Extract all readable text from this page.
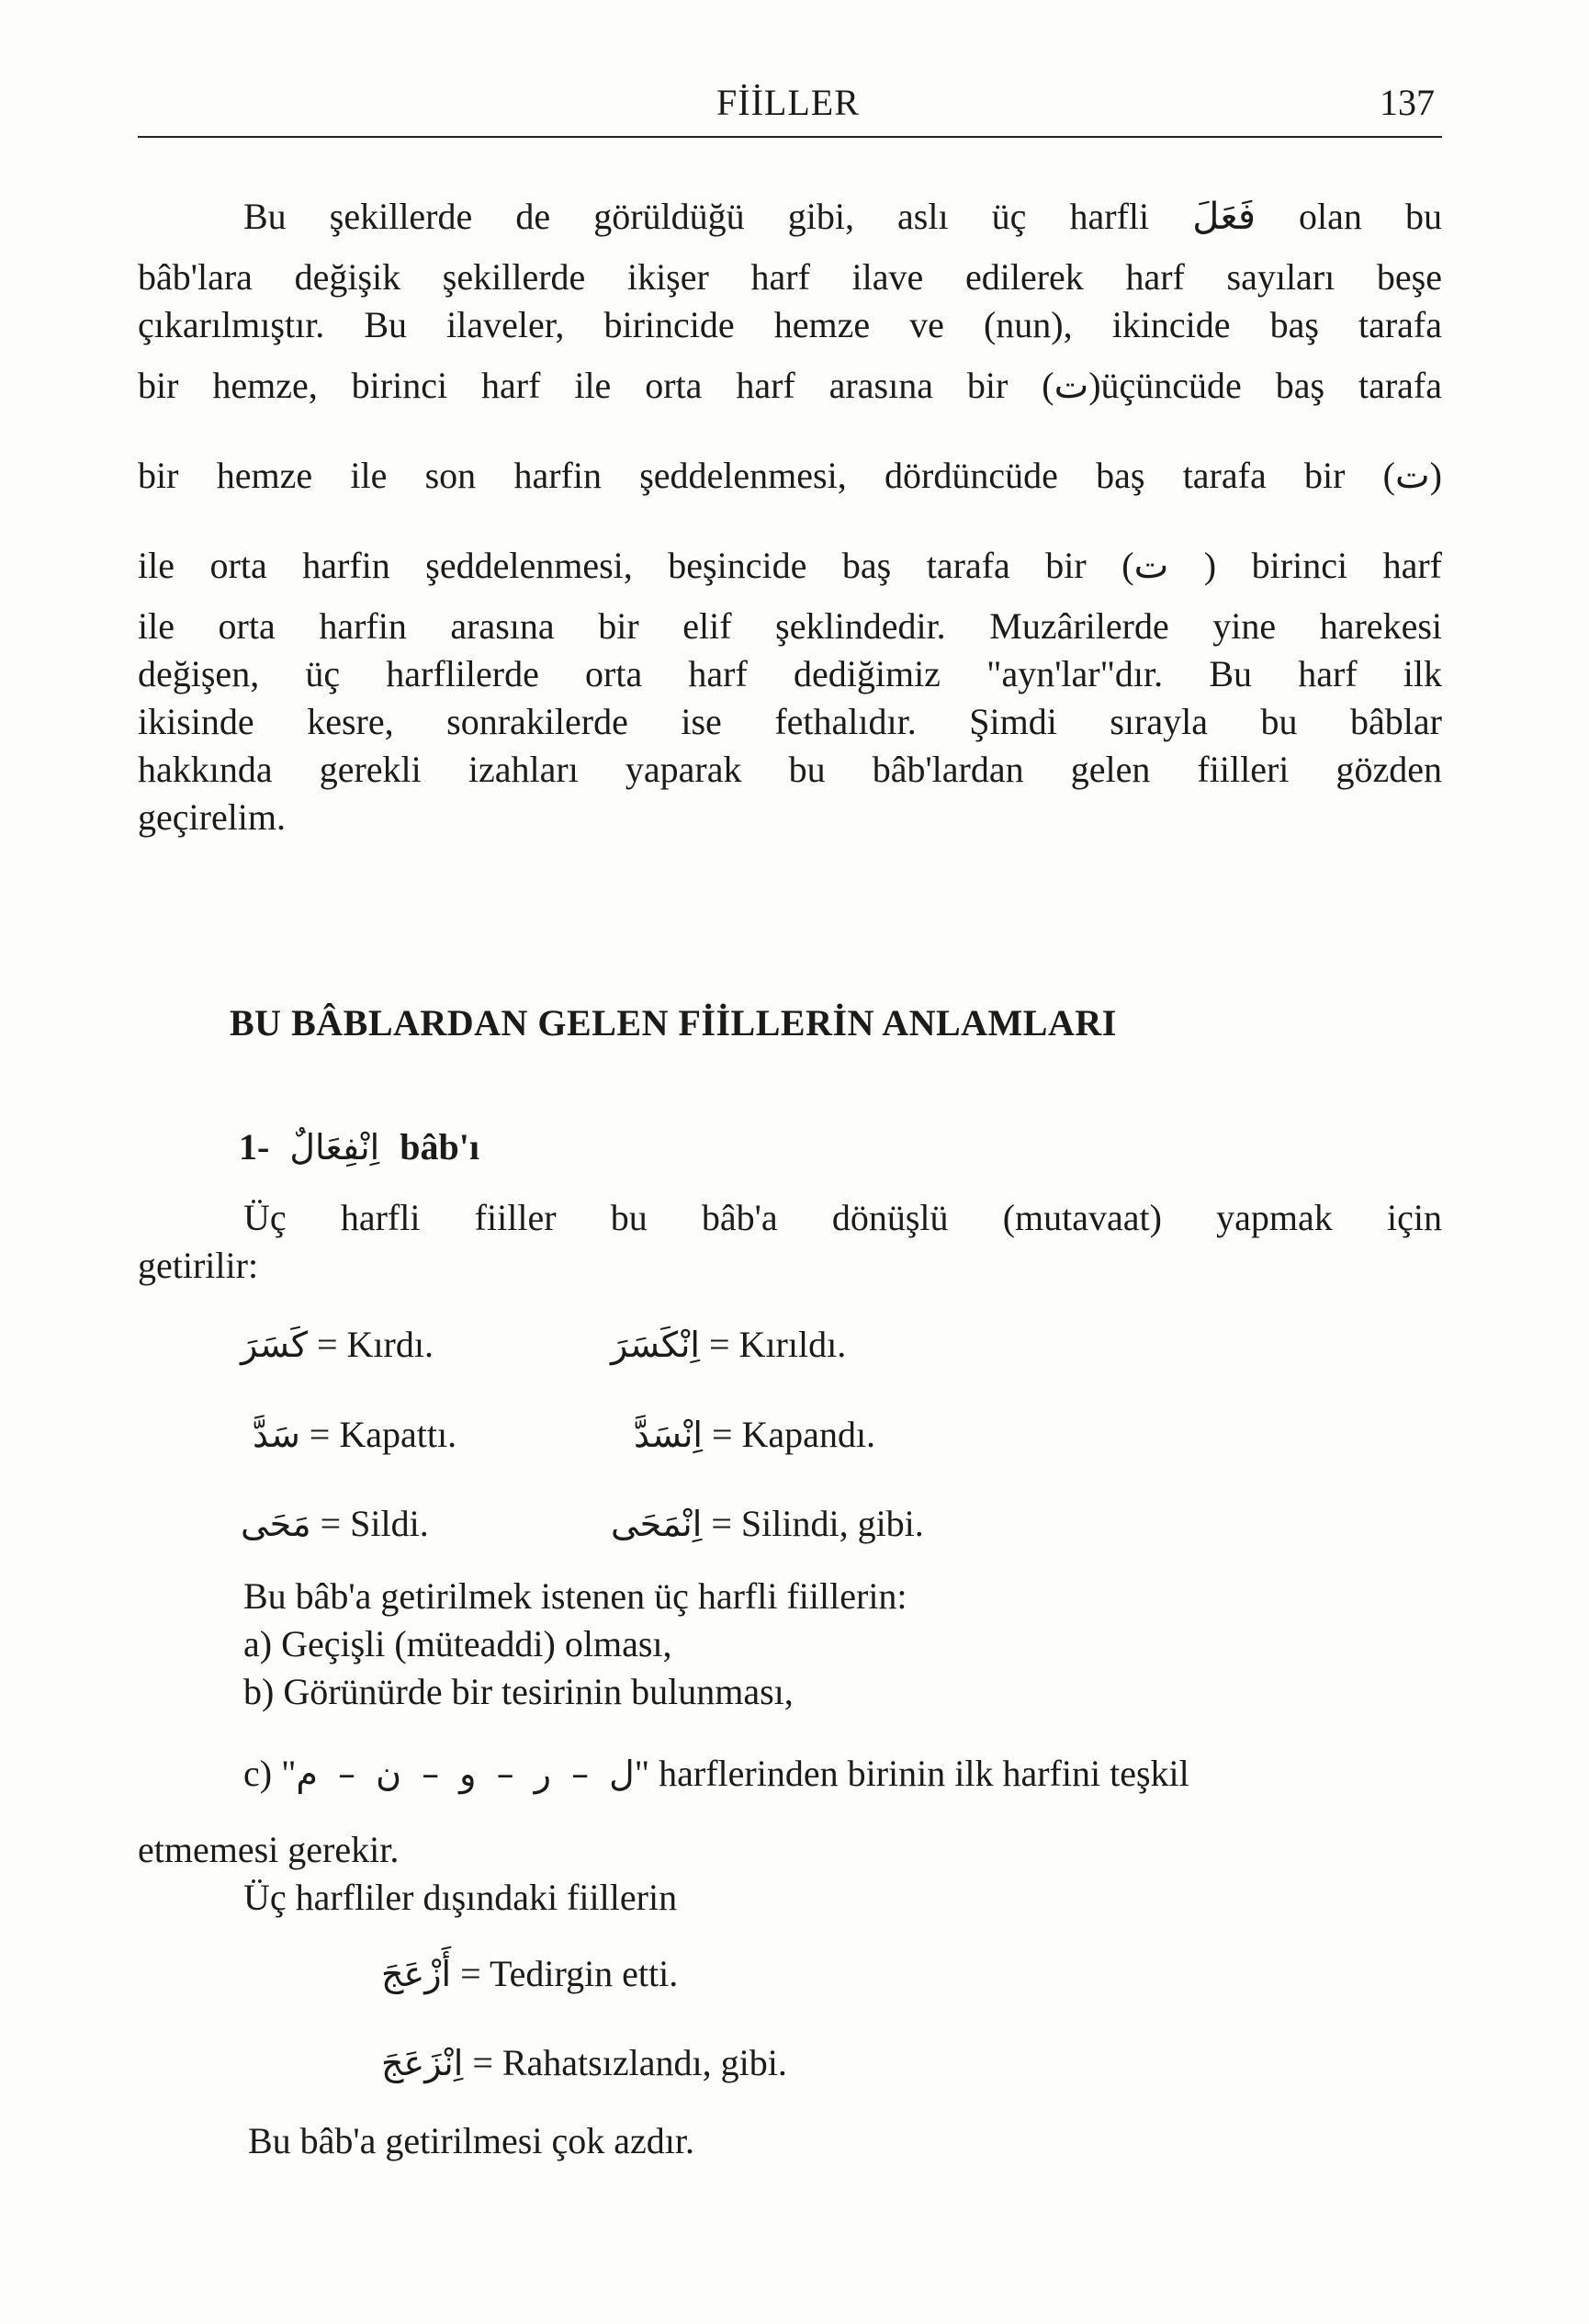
FİİLLER	137
Bu şekillerde de görüldüğü gibi, aslı üç harfli فَعَلَ olan bu
bâb'lara değişik şekillerde ikişer harf ilave edilerek harf sayıları beşe
çıkarılmıştır. Bu ilaveler, birincide hemze ve (nun), ikincide baş tarafa
bir hemze, birinci harf ile orta harf arasına bir (ت)üçüncüde baş tarafa
bir hemze ile son harfin şeddelenmesi, dördüncüde baş tarafa bir (ت)
ile orta harfin şeddelenmesi, beşincide baş tarafa bir (ت ) birinci harf
ile orta harfin arasına bir elif şeklindedir. Muzârilerde yine harekesi
değişen, üç harflilerde orta harf dediğimiz "ayn'lar"dır. Bu harf ilk
ikisinde kesre, sonrakilerde ise fethalıdır. Şimdi sırayla bu bâblar
hakkında gerekli izahları yaparak bu bâb'lardan gelen fiilleri gözden
geçirelim.
BU BÂBLARDAN GELEN FİİLLERİN ANLAMLARI
1- اِنْفِعَالٌ bâb'ı
Üç harfli fiiller bu bâb'a dönüşlü (mutavaat) yapmak için
getirilir:
كَسَرَ = Kırdı.	اِنْكَسَرَ = Kırıldı.
سَدَّ = Kapattı.	اِنْسَدَّ = Kapandı.
مَحَى = Sildi.	اِنْمَحَى = Silindi, gibi.
Bu bâb'a getirilmek istenen üç harfli fiillerin:
a) Geçişli (müteaddi) olması,
b) Görünürde bir tesirinin bulunması,
c) "ل – ر – و – ن – م" harflerinden birinin ilk harfini teşkil
etmemesi gerekir.
Üç harfliler dışındaki fiillerin
أَزْعَجَ = Tedirgin etti.
اِنْزَعَجَ = Rahatsızlandı, gibi.
Bu bâb'a getirilmesi çok azdır.
